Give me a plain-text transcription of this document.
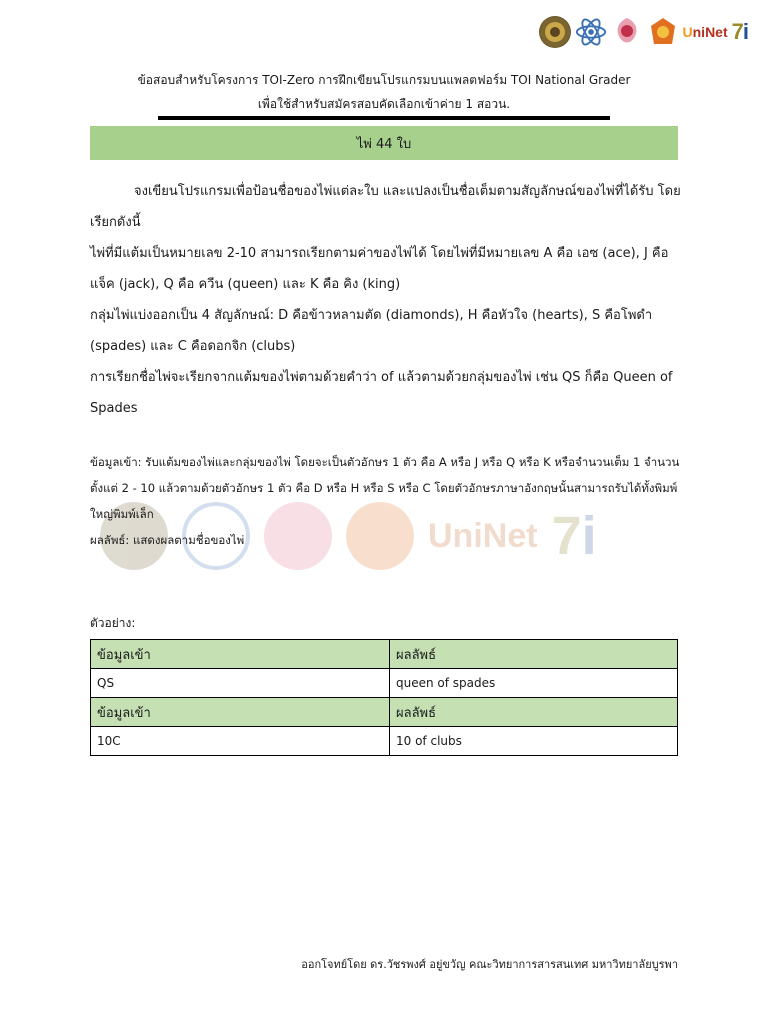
UniNet 7i
ข้อสอบสำหรับโครงการ TOI-Zero การฝึกเขียนโปรแกรมบนแพลตฟอร์ม TOI National Grader
เพื่อใช้สำหรับสมัครสอบคัดเลือกเข้าค่าย 1 สอวน.
ไพ่ 44 ใบ

จงเขียนโปรแกรมเพื่อป้อนชื่อของไพ่แต่ละใบ และแปลงเป็นชื่อเต็มตามสัญลักษณ์ของไพ่ที่ได้รับ โดยเรียกดังนี้

ไพ่ที่มีแต้มเป็นหมายเลข 2-10 สามารถเรียกตามค่าของไพ่ได้ โดยไพ่ที่มีหมายเลข A คือ เอซ (ace), J คือ แจ็ค (jack), Q คือ ควีน (queen) และ K คือ คิง (king)

กลุ่มไพ่แบ่งออกเป็น 4 สัญลักษณ์: D คือข้าวหลามตัด (diamonds), H คือหัวใจ (hearts), S คือโพดำ (spades) และ C คือดอกจิก (clubs)

การเรียกชื่อไพ่จะเรียกจากแต้มของไพ่ตามด้วยคำว่า of แล้วตามด้วยกลุ่มของไพ่ เช่น QS ก็คือ Queen of Spades

UniNet 7i

ข้อมูลเข้า: รับแต้มของไพ่และกลุ่มของไพ่ โดยจะเป็นตัวอักษร 1 ตัว คือ A หรือ J หรือ Q หรือ K หรือจำนวนเต็ม 1 จำนวนตั้งแต่ 2 - 10 แล้วตามด้วยตัวอักษร 1 ตัว คือ D หรือ H หรือ S หรือ C โดยตัวอักษรภาษาอังกฤษนั้นสามารถรับได้ทั้งพิมพ์ใหญ่พิมพ์เล็ก

ผลลัพธ์: แสดงผลตามชื่อของไพ่

ตัวอย่าง:
ข้อมูลเข้า	ผลลัพธ์
QS	queen of spades
ข้อมูลเข้า	ผลลัพธ์
10C	10 of clubs
ออกโจทย์โดย ดร.วัชรพงศ์ อยู่ขวัญ คณะวิทยาการสารสนเทศ มหาวิทยาลัยบูรพา
